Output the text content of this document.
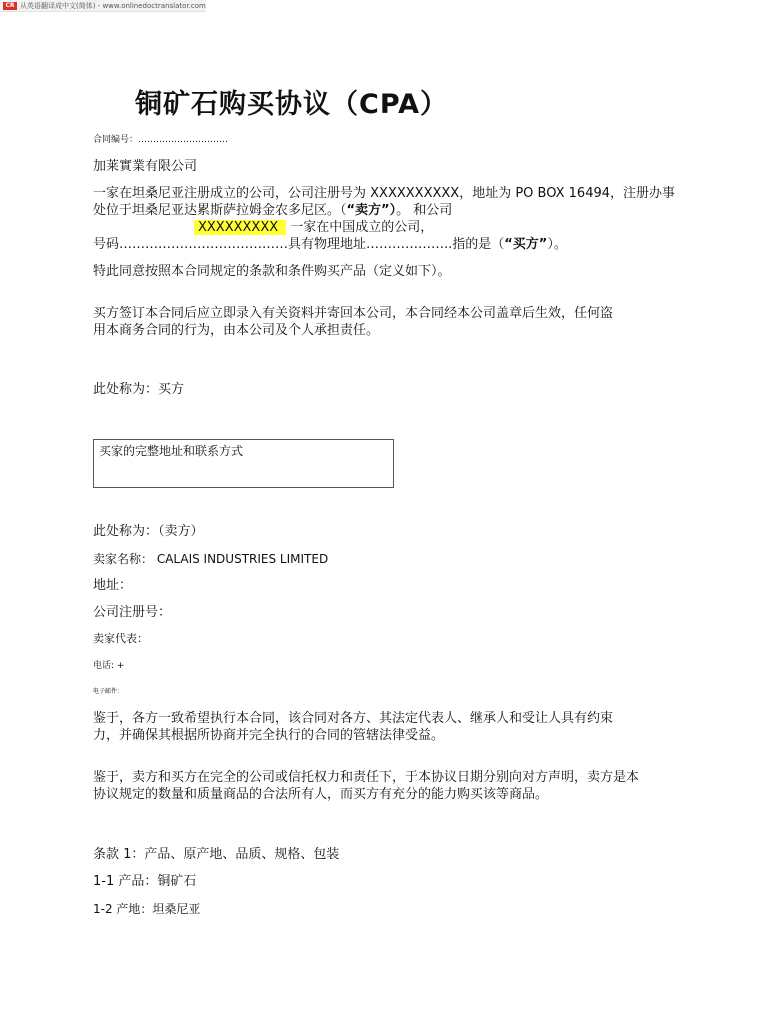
CR 从英语翻译成中文(简体) - www.onlinedoctranslator.com
铜矿石购买协议（CPA）
合同编号：…………………………
加莱實業有限公司
一家在坦桑尼亚注册成立的公司，公司注册号为 XXXXXXXXXX，地址为 PO BOX 16494，注册办事
处位于坦桑尼亚达累斯萨拉姆金农多尼区。（“卖方”）。 和公司
XXXXXXXXX 一家在中国成立的公司，
号码…………………………………具有物理地址………………..指的是（“买方”）。
特此同意按照本合同规定的条款和条件购买产品（定义如下）。
买方签订本合同后应立即录入有关资料并寄回本公司，本合同经本公司盖章后生效，任何盗
用本商务合同的行为，由本公司及个人承担责任。
此处称为：买方
买家的完整地址和联系方式
此处称为：（卖方）
卖家名称： CALAIS INDUSTRIES LIMITED
地址：
公司注册号：
卖家代表：
电话: +
电子邮件：
鉴于，各方一致希望执行本合同，该合同对各方、其法定代表人、继承人和受让人具有约束
力，并确保其根据所协商并完全执行的合同的管辖法律受益。
鉴于，卖方和买方在完全的公司或信托权力和责任下，于本协议日期分别向对方声明，卖方是本
协议规定的数量和质量商品的合法所有人，而买方有充分的能力购买该等商品。
条款 1：产品、原产地、品质、规格、包装
1-1 产品：铜矿石
1-2 产地：坦桑尼亚
